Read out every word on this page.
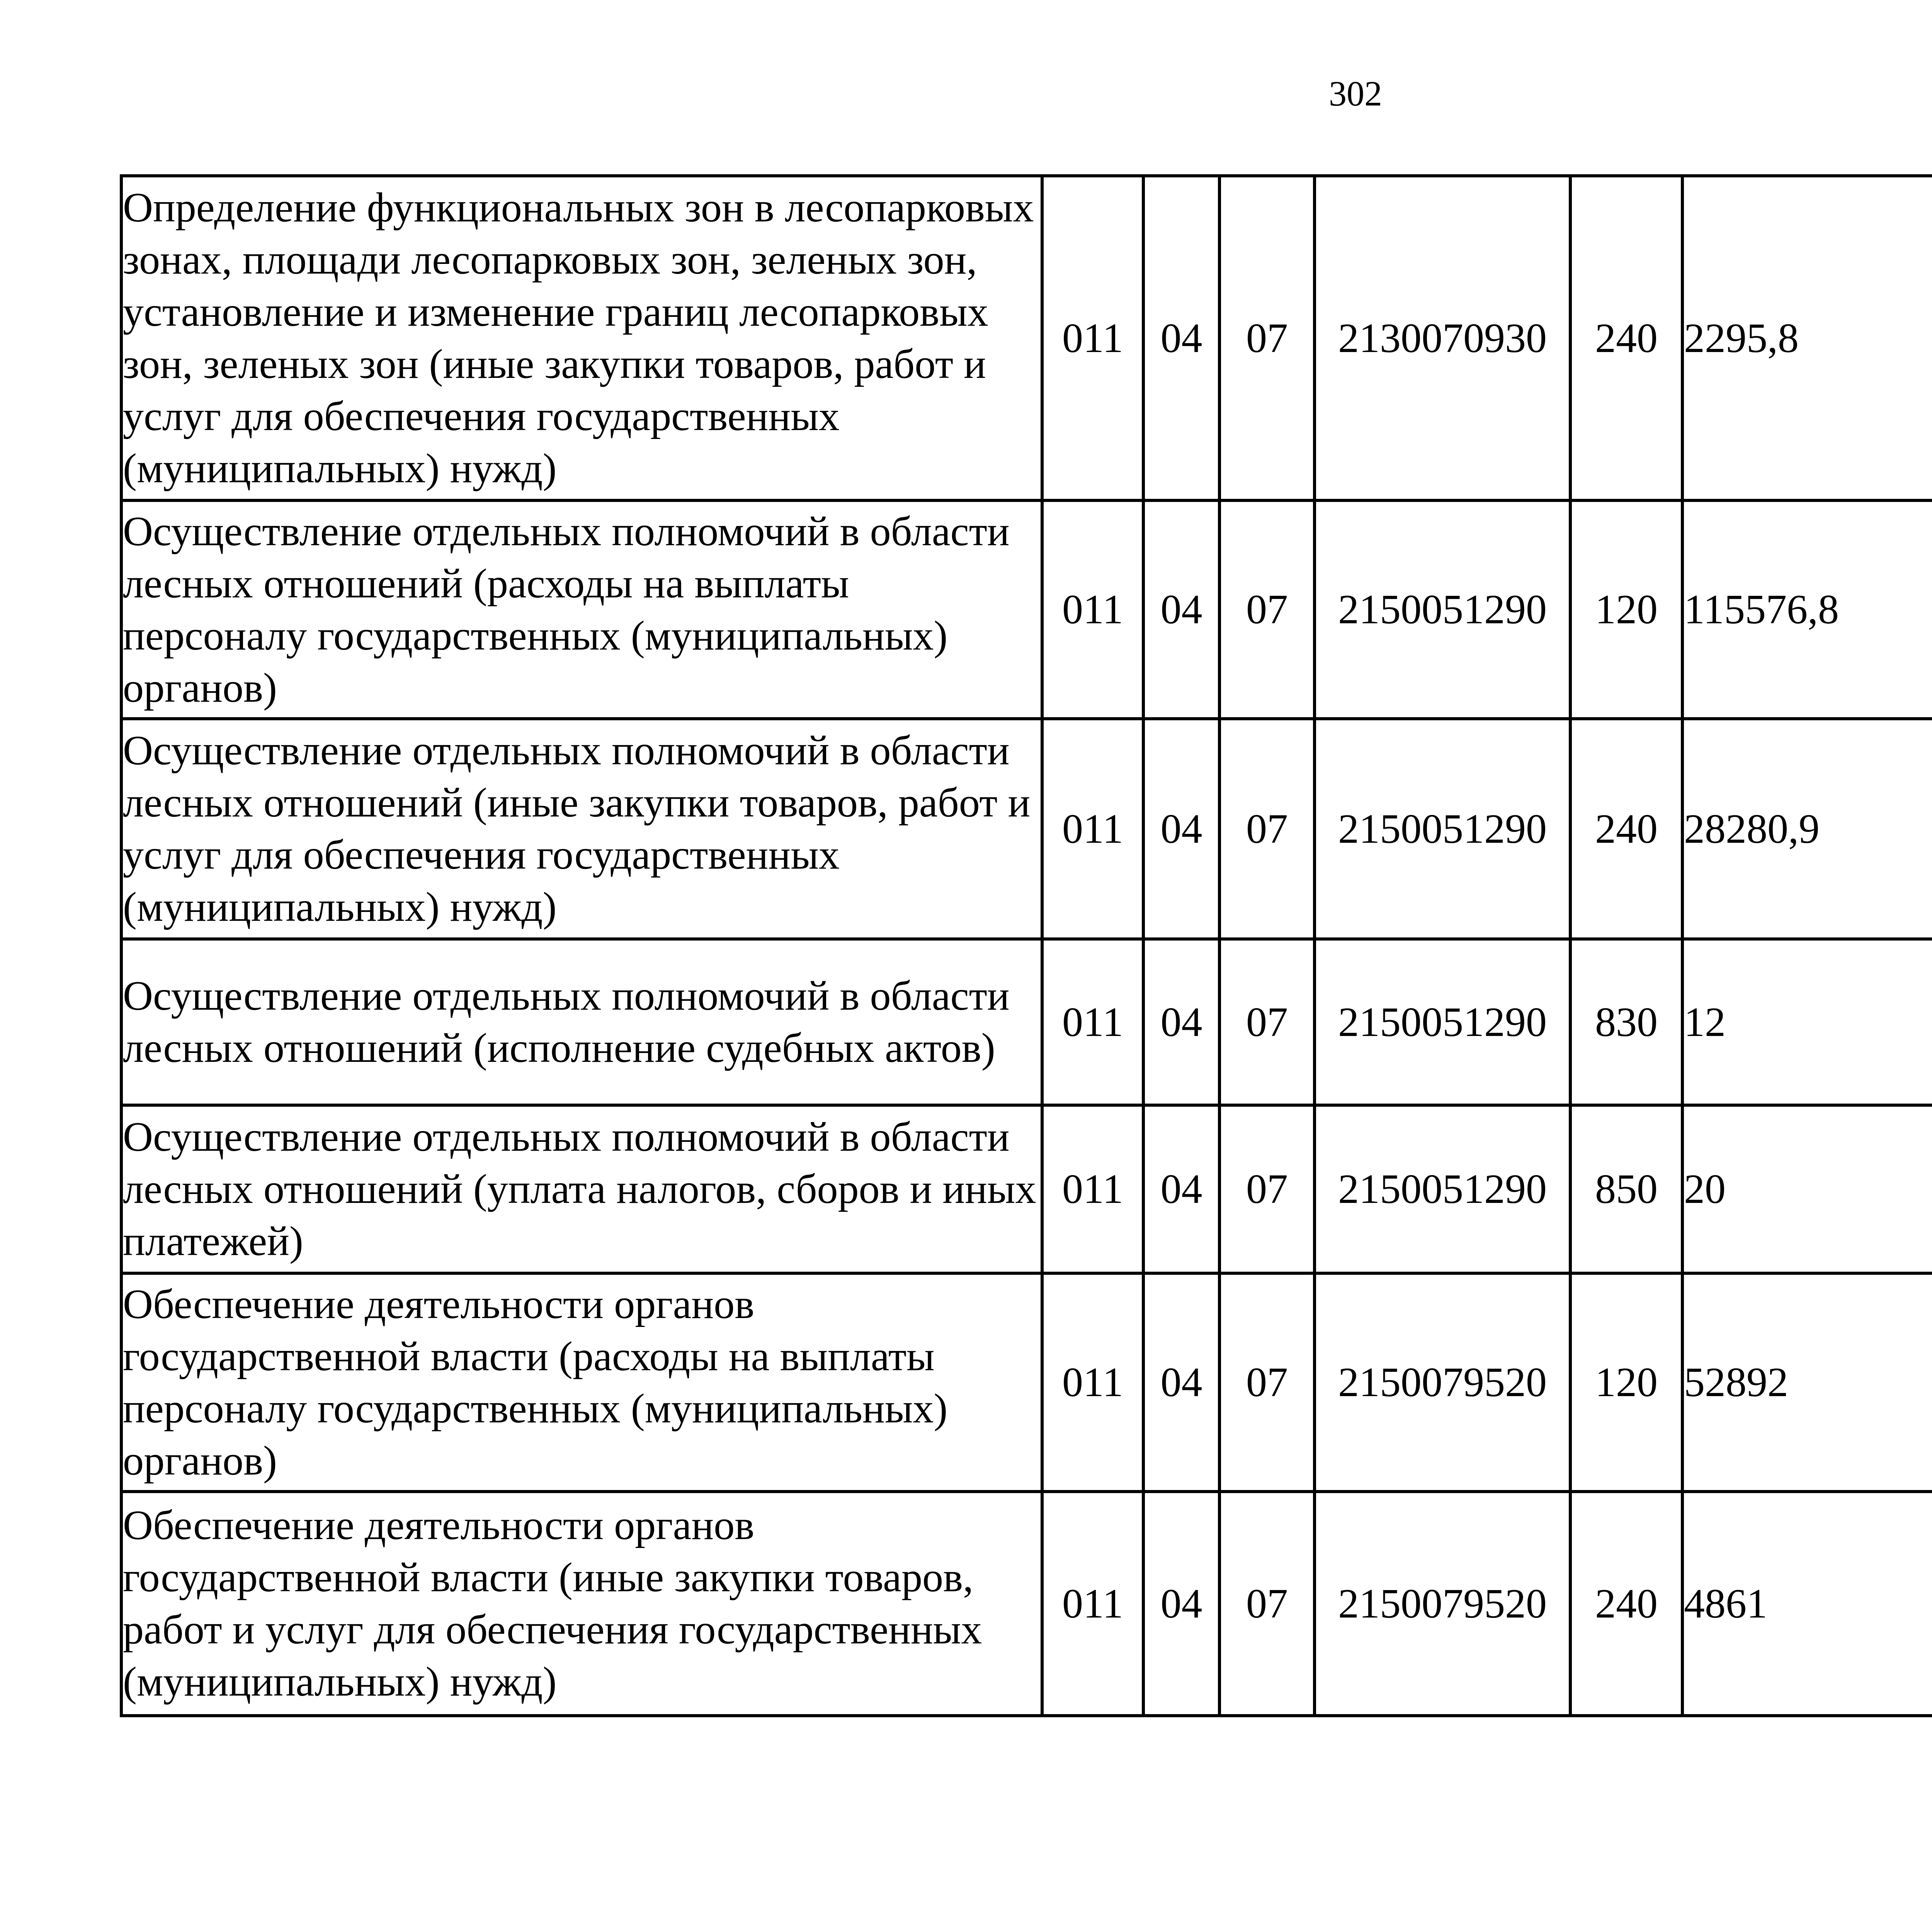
302
Определение функциональных зон в лесопарковых зонах, площади лесопарковых зон, зеленых зон, установление и изменение границ лесопарковых зон, зеленых зон (иные закупки товаров, работ и услуг для обеспечения государственных (муниципальных) нужд)	011	04	07	2130070930	240	2295,8		
Осуществление отдельных полномочий в области лесных отношений (расходы на выплаты персоналу государственных (муниципальных) органов)	011	04	07	2150051290	120	115576,8		
Осуществление отдельных полномочий в области лесных отношений (иные закупки товаров, работ и услуг для обеспечения государственных (муниципальных) нужд)	011	04	07	2150051290	240	28280,9		
Осуществление отдельных полномочий в области лесных отношений (исполнение судебных актов)	011	04	07	2150051290	830	12		
Осуществление отдельных полномочий в области лесных отношений (уплата налогов, сборов и иных платежей)	011	04	07	2150051290	850	20		
Обеспечение деятельности органов государственной власти (расходы на выплаты персоналу государственных (муниципальных) органов)	011	04	07	2150079520	120	52892		
Обеспечение деятельности органов государственной власти (иные закупки товаров, работ и услуг для обеспечения государственных (муниципальных) нужд)	011	04	07	2150079520	240	4861		
